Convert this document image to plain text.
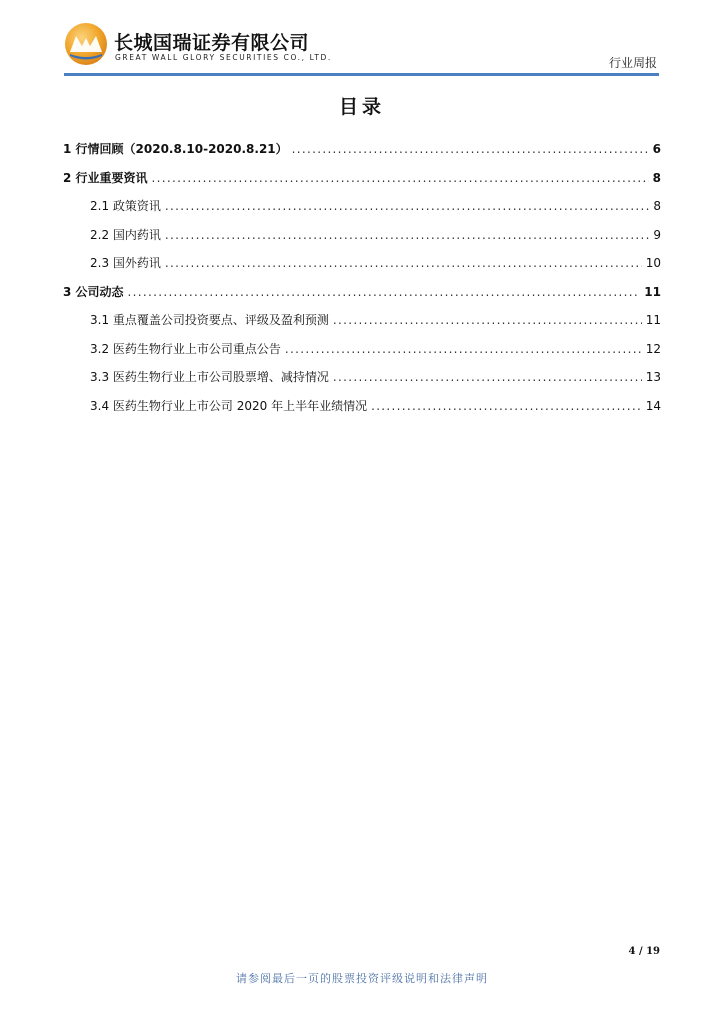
长城国瑞证券有限公司
GREAT WALL GLORY SECURITIES CO., LTD.	行业周报
目录
1 行情回顾（2020.8.10-2020.8.21） .....	6
2 行业重要资讯 .....	8
2.1 政策资讯 .....	8
2.2 国内药讯 .....	9
2.3 国外药讯 .....	10
3 公司动态 .....	11
3.1 重点覆盖公司投资要点、评级及盈利预测 .....	11
3.2 医药生物行业上市公司重点公告 .....	12
3.3 医药生物行业上市公司股票增、减持情况 .....	13
3.4 医药生物行业上市公司 2020 年上半年业绩情况 .....	14
4 / 19
请参阅最后一页的股票投资评级说明和法律声明
